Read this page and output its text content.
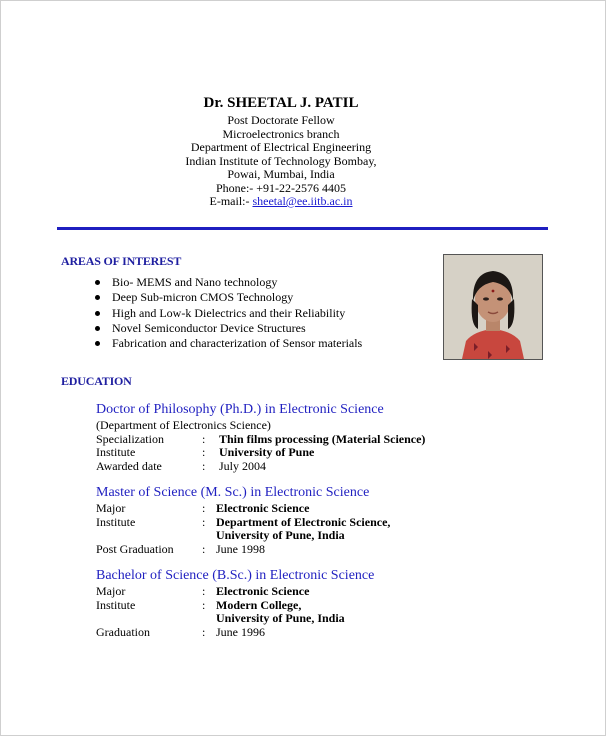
Dr. SHEETAL J. PATIL
Post Doctorate Fellow
Microelectronics branch
Department of Electrical Engineering
Indian Institute of Technology Bombay,
Powai, Mumbai, India
Phone:- +91-22-2576 4405
E-mail:- sheetal@ee.iitb.ac.in
AREAS OF INTEREST
Bio- MEMS and Nano technology
Deep Sub-micron CMOS Technology
High and Low-k Dielectrics and their Reliability
Novel Semiconductor Device Structures
Fabrication and characterization of Sensor materials
EDUCATION
Doctor of Philosophy (Ph.D.) in Electronic Science
(Department of Electronics Science)
Specialization	:	Thin films processing (Material Science)
Institute	:	University of Pune
Awarded date	:	July 2004
Master of Science (M. Sc.) in Electronic Science
Major	: Electronic Science
Institute	: Department of Electronic Science,
University of Pune, India
Post Graduation	: June 1998
Bachelor of Science (B.Sc.) in Electronic Science
Major	: Electronic Science
Institute	: Modern College,
University of Pune, India
Graduation	: June 1996
